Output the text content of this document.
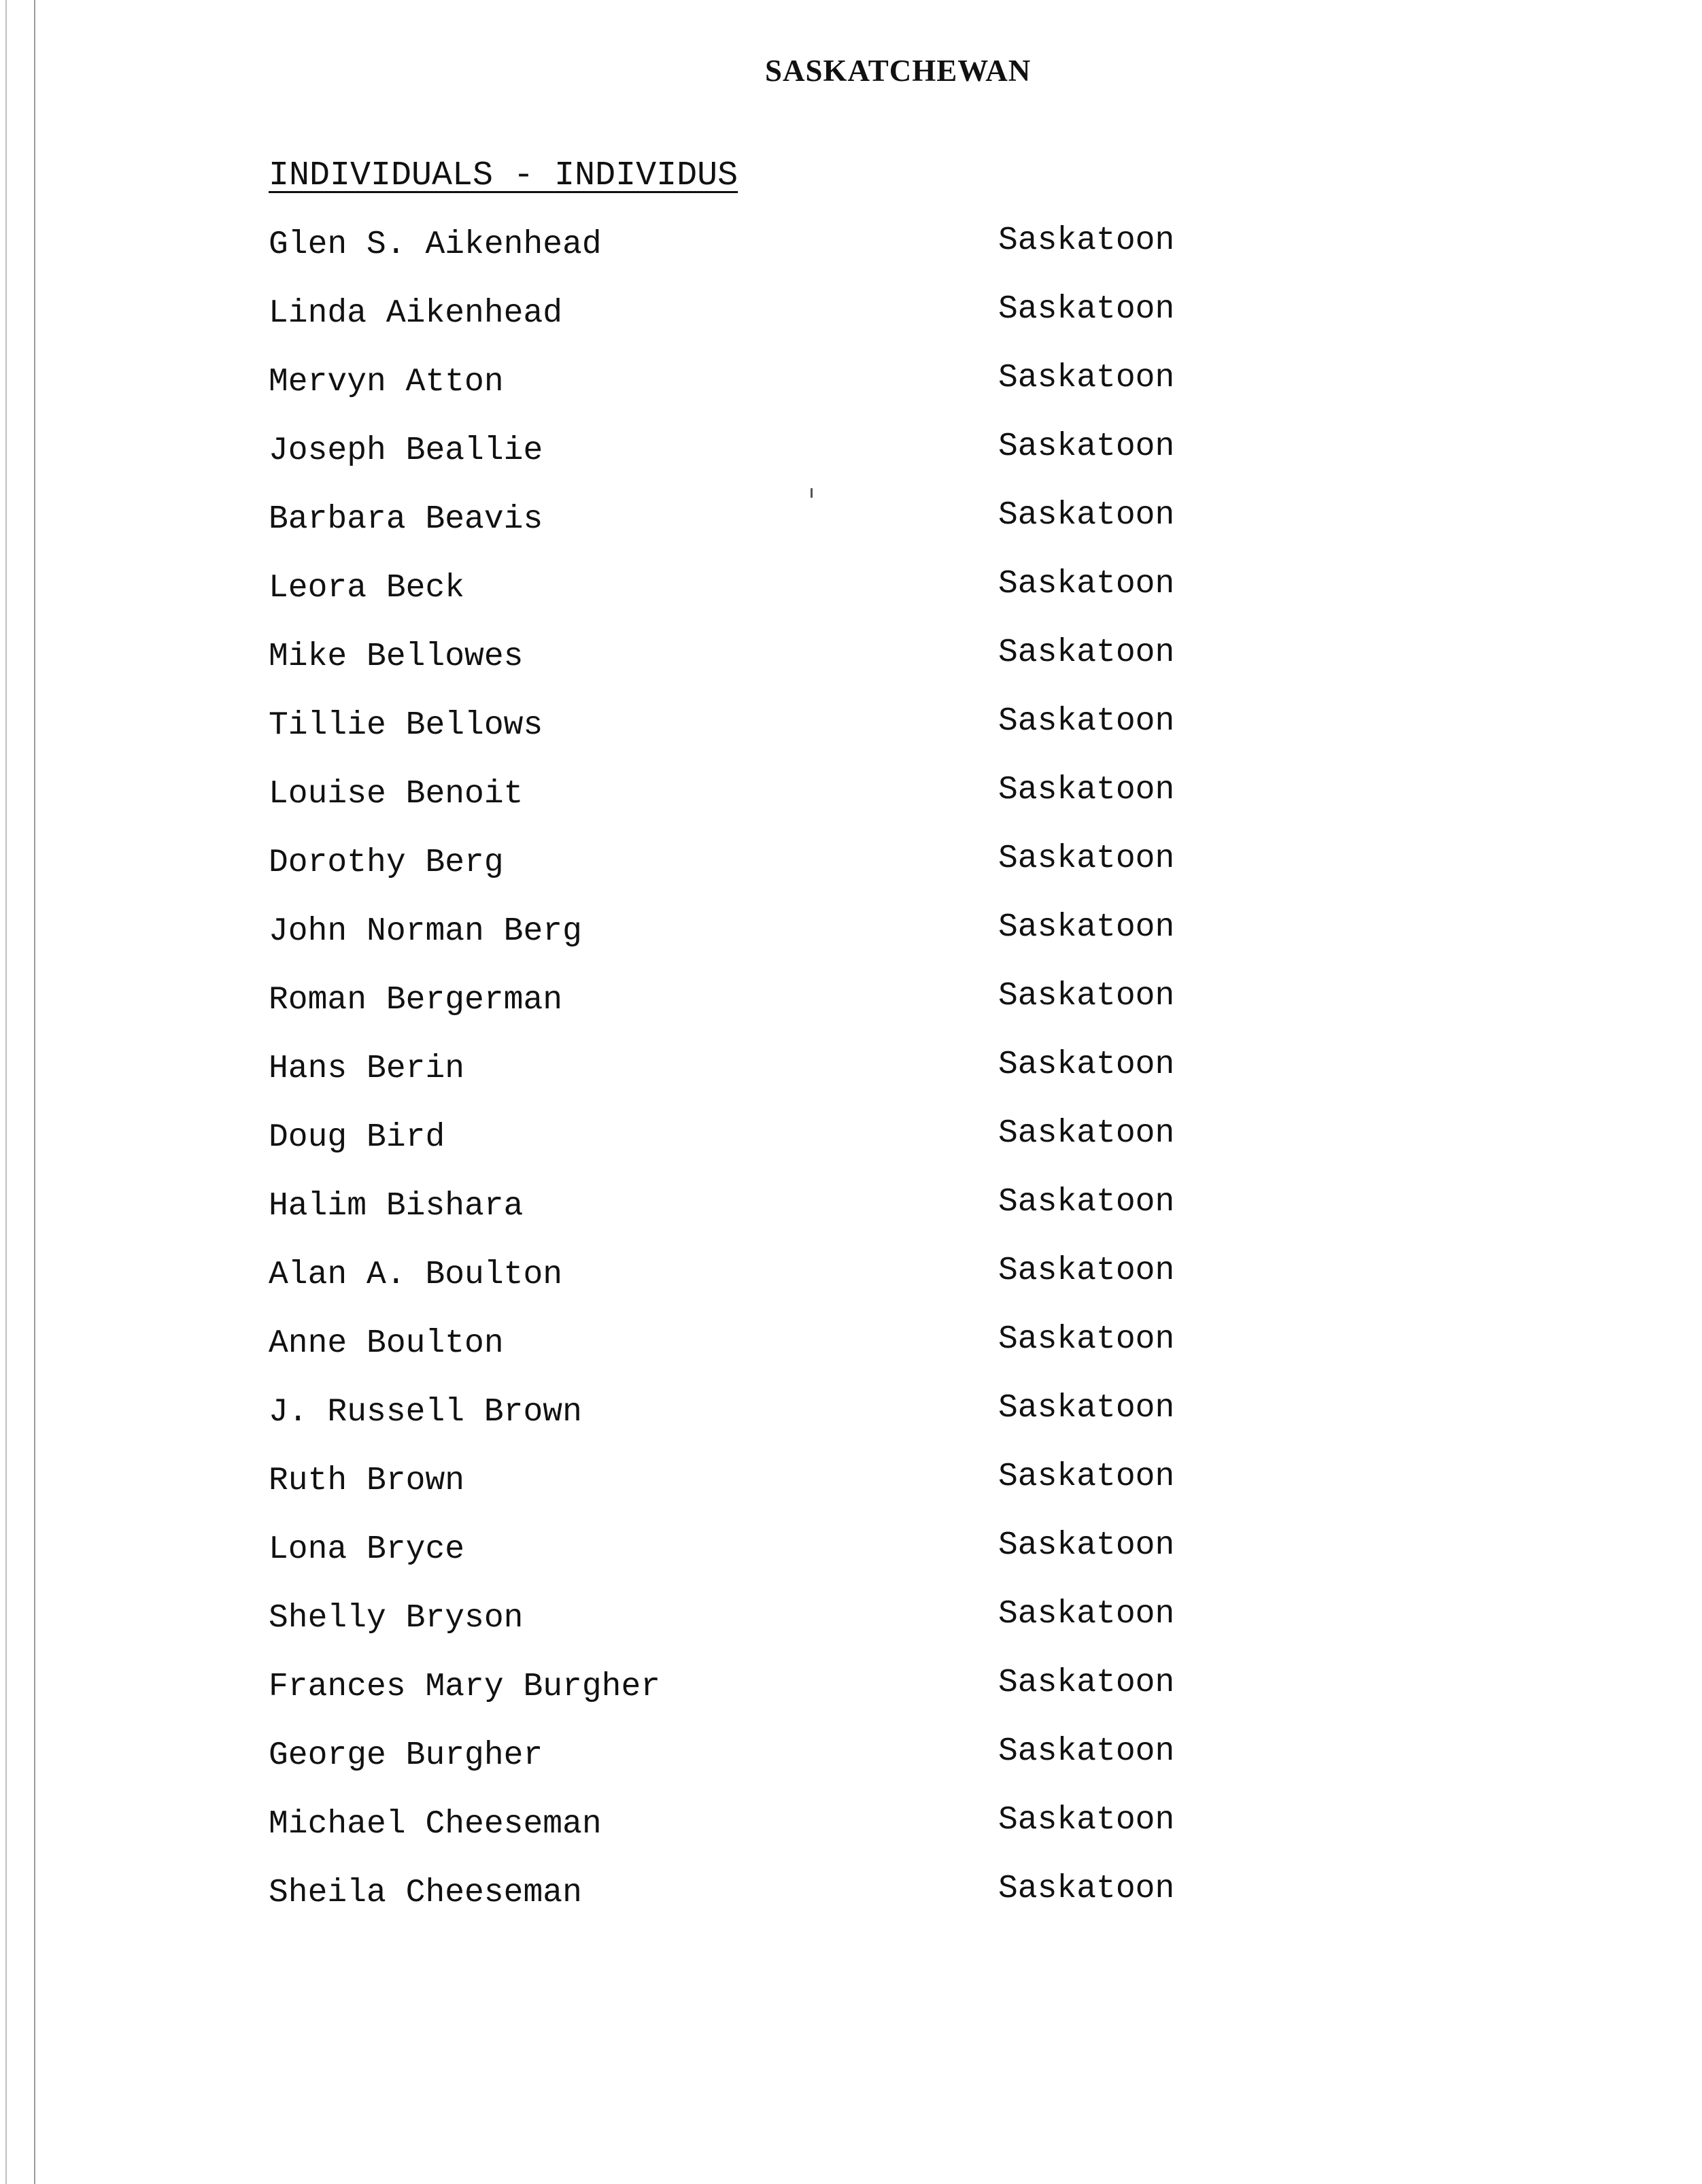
SASKATCHEWAN
INDIVIDUALS - INDIVIDUS
Glen S. Aikenhead	Saskatoon
Linda Aikenhead	Saskatoon
Mervyn Atton	Saskatoon
Joseph Beallie	Saskatoon
Barbara Beavis	Saskatoon
Leora Beck	Saskatoon
Mike Bellowes	Saskatoon
Tillie Bellows	Saskatoon
Louise Benoit	Saskatoon
Dorothy Berg	Saskatoon
John Norman Berg	Saskatoon
Roman Bergerman	Saskatoon
Hans Berin	Saskatoon
Doug Bird	Saskatoon
Halim Bishara	Saskatoon
Alan A. Boulton	Saskatoon
Anne Boulton	Saskatoon
J. Russell Brown	Saskatoon
Ruth Brown	Saskatoon
Lona Bryce	Saskatoon
Shelly Bryson	Saskatoon
Frances Mary Burgher	Saskatoon
George Burgher	Saskatoon
Michael Cheeseman	Saskatoon
Sheila Cheeseman	Saskatoon
